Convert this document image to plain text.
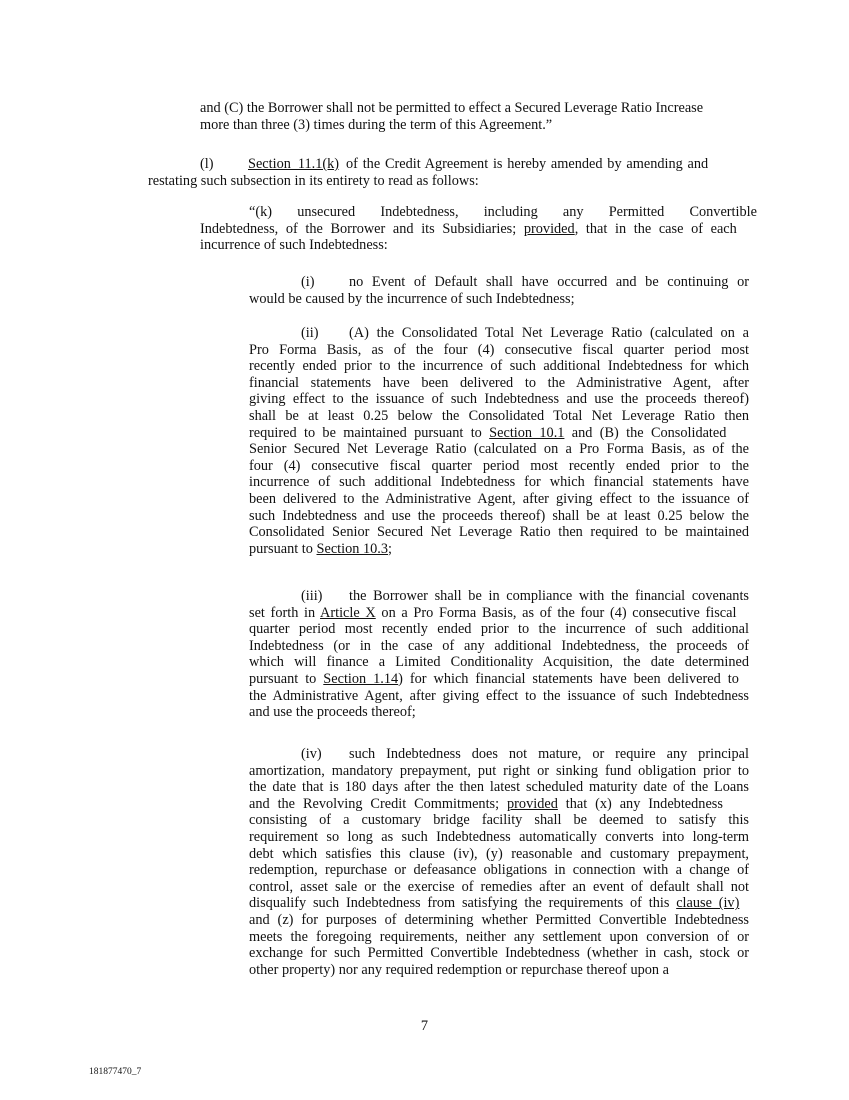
and (C) the Borrower shall not be permitted to effect a Secured Leverage Ratio Increase
more than three (3) times during the term of this Agreement.”
(l) Section 11.1(k) of the Credit Agreement is hereby amended by amending and
restating such subsection in its entirety to read as follows:
“(k) unsecured Indebtedness, including any Permitted Convertible
Indebtedness, of the Borrower and its Subsidiaries; provided, that in the case of each
incurrence of such Indebtedness:
(i) no Event of Default shall have occurred and be continuing or
would be caused by the incurrence of such Indebtedness;
(ii) (A) the Consolidated Total Net Leverage Ratio (calculated on a
Pro Forma Basis, as of the four (4) consecutive fiscal quarter period most
recently ended prior to the incurrence of such additional Indebtedness for which
financial statements have been delivered to the Administrative Agent, after
giving effect to the issuance of such Indebtedness and use the proceeds thereof)
shall be at least 0.25 below the Consolidated Total Net Leverage Ratio then
required to be maintained pursuant to Section 10.1 and (B) the Consolidated
Senior Secured Net Leverage Ratio (calculated on a Pro Forma Basis, as of the
four (4) consecutive fiscal quarter period most recently ended prior to the
incurrence of such additional Indebtedness for which financial statements have
been delivered to the Administrative Agent, after giving effect to the issuance of
such Indebtedness and use the proceeds thereof) shall be at least 0.25 below the
Consolidated Senior Secured Net Leverage Ratio then required to be maintained
pursuant to Section 10.3;
(iii) the Borrower shall be in compliance with the financial covenants
set forth in Article X on a Pro Forma Basis, as of the four (4) consecutive fiscal
quarter period most recently ended prior to the incurrence of such additional
Indebtedness (or in the case of any additional Indebtedness, the proceeds of
which will finance a Limited Conditionality Acquisition, the date determined
pursuant to Section 1.14) for which financial statements have been delivered to
the Administrative Agent, after giving effect to the issuance of such Indebtedness
and use the proceeds thereof;
(iv) such Indebtedness does not mature, or require any principal
amortization, mandatory prepayment, put right or sinking fund obligation prior to
the date that is 180 days after the then latest scheduled maturity date of the Loans
and the Revolving Credit Commitments; provided that (x) any Indebtedness
consisting of a customary bridge facility shall be deemed to satisfy this
requirement so long as such Indebtedness automatically converts into long-term
debt which satisfies this clause (iv), (y) reasonable and customary prepayment,
redemption, repurchase or defeasance obligations in connection with a change of
control, asset sale or the exercise of remedies after an event of default shall not
disqualify such Indebtedness from satisfying the requirements of this clause (iv)
and (z) for purposes of determining whether Permitted Convertible Indebtedness
meets the foregoing requirements, neither any settlement upon conversion of or
exchange for such Permitted Convertible Indebtedness (whether in cash, stock or
other property) nor any required redemption or repurchase thereof upon a
7
181877470_7
